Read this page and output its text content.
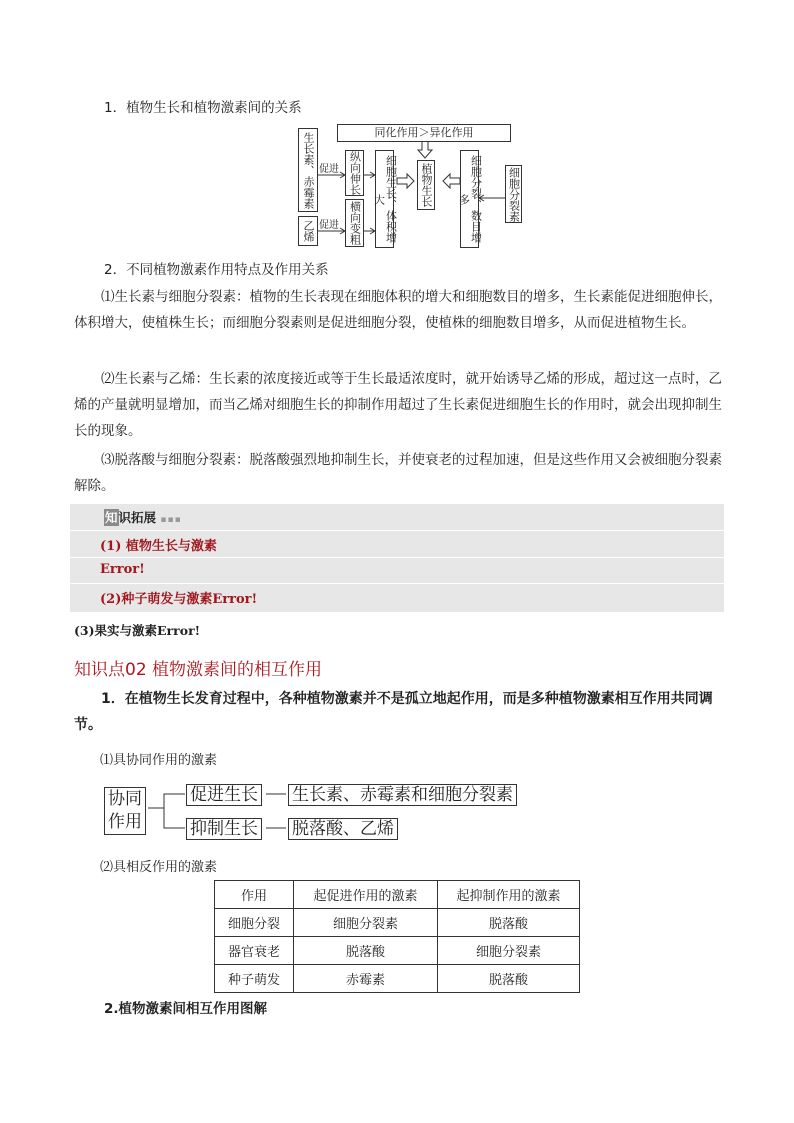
1．植物生长和植物激素间的关系
生长素、赤霉素 促进
乙烯 促进
纵向伸长
横向变粗	细胞生长、体积增大	植物生长	细胞分裂、数目增多	细胞分裂素
同化作用＞异化作用
2．不同植物激素作用特点及作用关系
⑴生长素与细胞分裂素：植物的生长表现在细胞体积的增大和细胞数目的增多，生长素能促进细胞伸长，体积增大，使植株生长；而细胞分裂素则是促进细胞分裂，使植株的细胞数目增多，从而促进植物生长。
⑵生长素与乙烯：生长素的浓度接近或等于生长最适浓度时，就开始诱导乙烯的形成，超过这一点时，乙烯的产量就明显增加，而当乙烯对细胞生长的抑制作用超过了生长素促进细胞生长的作用时，就会出现抑制生长的现象。
⑶脱落酸与细胞分裂素：脱落酸强烈地抑制生长，并使衰老的过程加速，但是这些作用又会被细胞分裂素解除。
知识拓展 ▪▪▪
(1) 植物生长与激素
Error!
(2)种子萌发与激素Error!
(3)果实与激素Error!
知识点02 植物激素间的相互作用
1．在植物生长发育过程中，各种植物激素并不是孤立地起作用，而是多种植物激素相互作用共同调节。
⑴具协同作用的激素
协同
作用
促进生长 生长素、赤霉素和细胞分裂素
抑制生长 脱落酸、乙烯
⑵具相反作用的激素
作用	起促进作用的激素	起抑制作用的激素
细胞分裂	细胞分裂素	脱落酸
器官衰老	脱落酸	细胞分裂素
种子萌发	赤霉素	脱落酸
2.植物激素间相互作用图解
